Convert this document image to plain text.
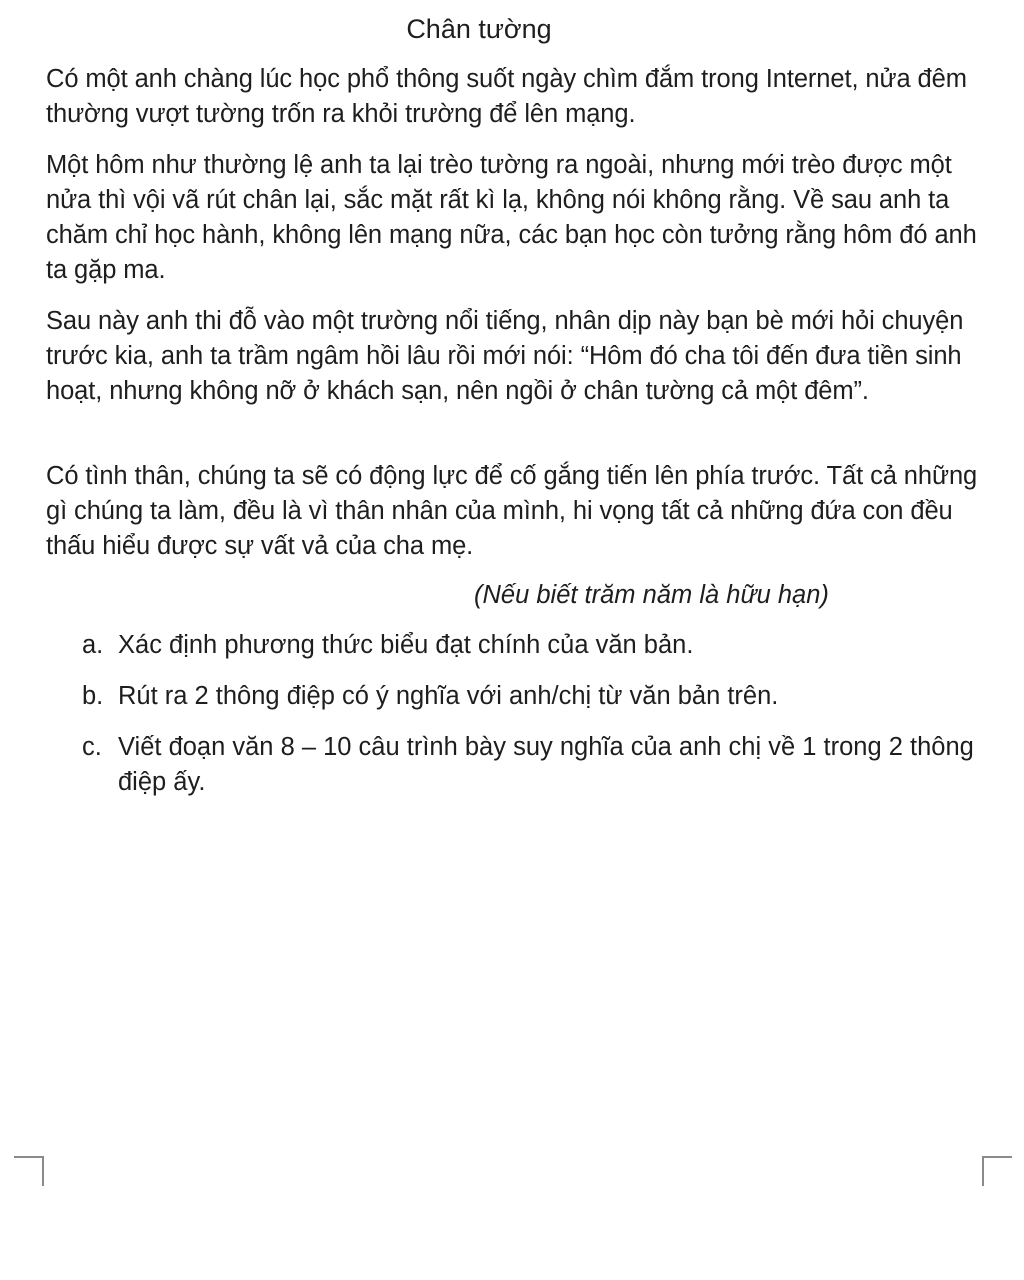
Chân tường

Có một anh chàng lúc học phổ thông suốt ngày chìm đắm trong Internet, nửa đêm thường vượt tường trốn ra khỏi trường để lên mạng.

Một hôm như thường lệ anh ta lại trèo tường ra ngoài, nhưng mới trèo được một nửa thì vội vã rút chân lại, sắc mặt rất kì lạ, không nói không rằng. Về sau anh ta chăm chỉ học hành, không lên mạng nữa, các bạn học còn tưởng rằng hôm đó anh ta gặp ma.

Sau này anh thi đỗ vào một trường nổi tiếng, nhân dịp này bạn bè mới hỏi chuyện trước kia, anh ta trầm ngâm hồi lâu rồi mới nói: “Hôm đó cha tôi đến đưa tiền sinh hoạt, nhưng không nỡ ở khách sạn, nên ngồi ở chân tường cả một đêm”.

Có tình thân, chúng ta sẽ có động lực để cố gắng tiến lên phía trước. Tất cả những gì chúng ta làm, đều là vì thân nhân của mình, hi vọng tất cả những đứa con đều thấu hiểu được sự vất vả của cha mẹ.

(Nếu biết trăm năm là hữu hạn)

a. Xác định phương thức biểu đạt chính của văn bản.
b. Rút ra 2 thông điệp có ý nghĩa với anh/chị từ văn bản trên.
c. Viết đoạn văn 8 – 10 câu trình bày suy nghĩa của anh chị về 1 trong 2 thông điệp ấy.
